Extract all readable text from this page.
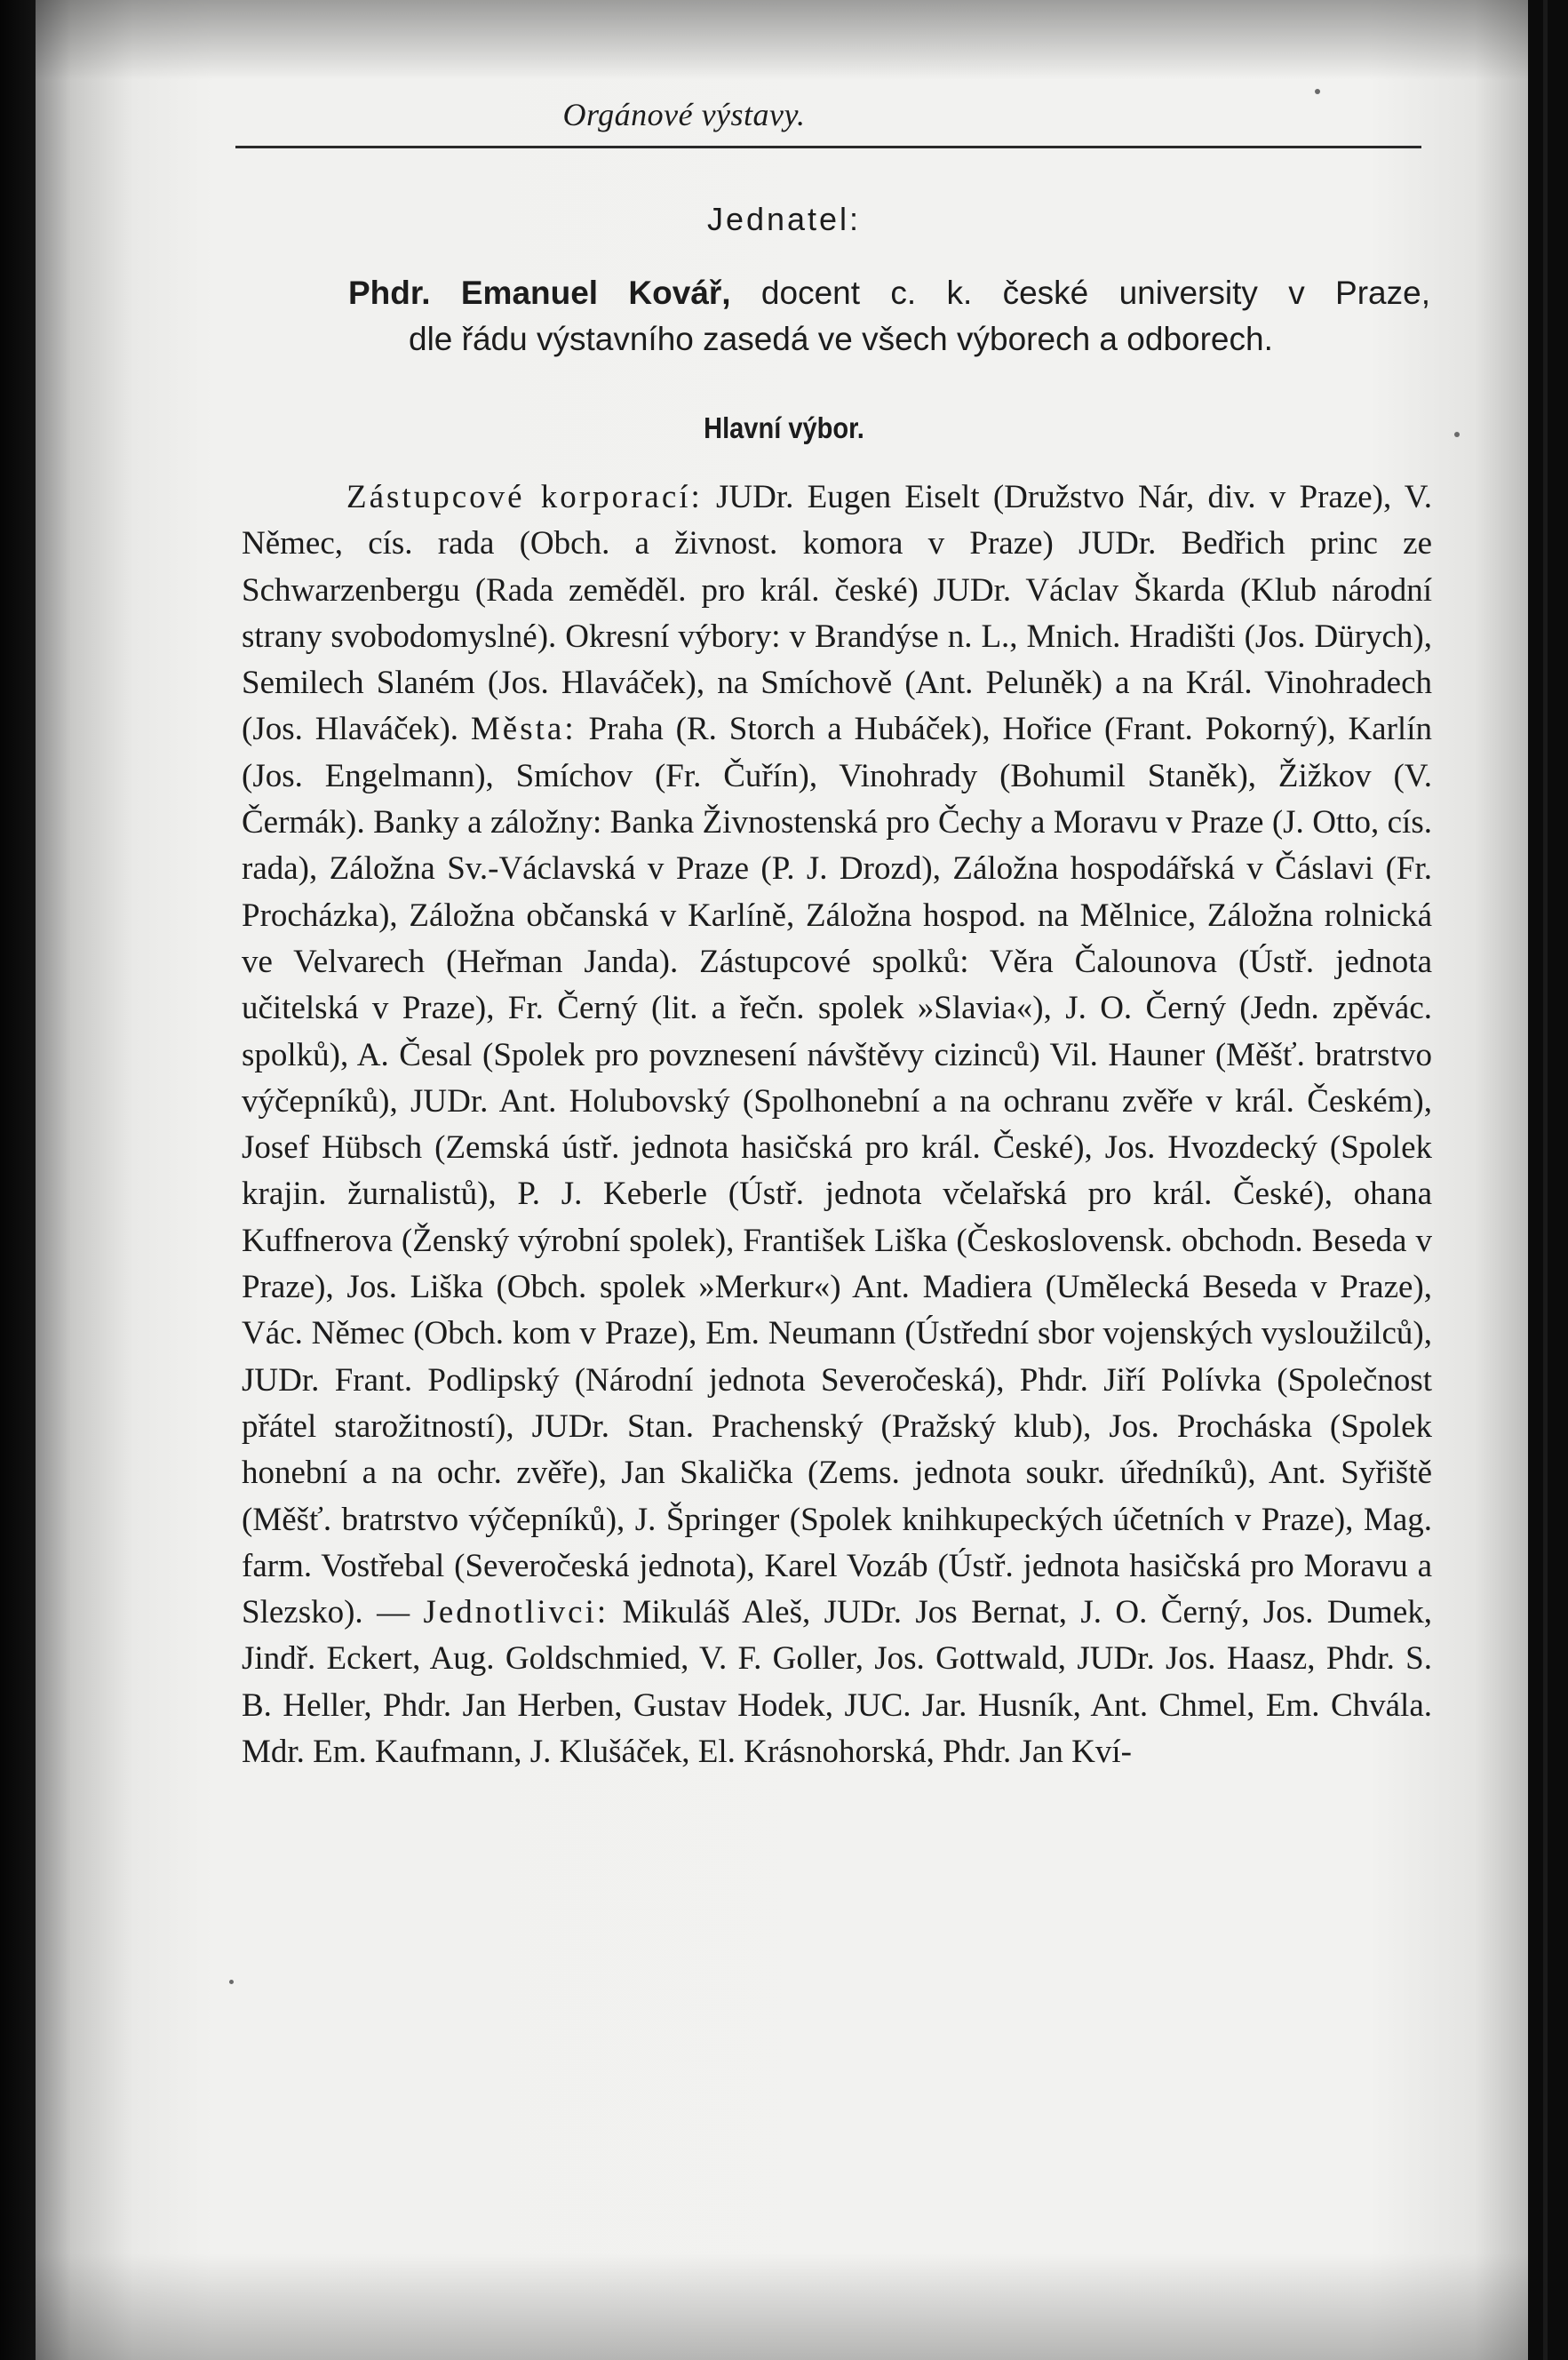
Orgánové výstavy.
Jednatel:
Phdr. Emanuel Kovář, docent c. k. české university v Praze,
dle řádu výstavního zasedá ve všech výborech a odborech.
Hlavní výbor.
Zástupcové korporací: JUDr. Eugen Eiselt (Družstvo Nár, div. v Praze), V. Němec, cís. rada (Obch. a živnost. komora v Praze) JUDr. Bedřich princ ze Schwarzenbergu (Rada zeměděl. pro král. české) JUDr. Václav Škarda (Klub národní strany svobodomyslné). Okresní výbory: v Brandýse n. L., Mnich. Hradišti (Jos. Dürych), Semilech Slaném (Jos. Hlaváček), na Smíchově (Ant. Peluněk) a na Král. Vinohradech (Jos. Hlaváček). Města: Praha (R. Storch a Hubáček), Hořice (Frant. Pokorný), Karlín (Jos. Engelmann), Smíchov (Fr. Čuřín), Vinohrady (Bohumil Staněk), Žižkov (V. Čermák). Banky a záložny: Banka Živnostenská pro Čechy a Moravu v Praze (J. Otto, cís. rada), Záložna Sv.-Václavská v Praze (P. J. Drozd), Záložna hospodářská v Čáslavi (Fr. Procházka), Záložna občanská v Karlíně, Záložna hospod. na Mělnice, Záložna rolnická ve Velvarech (Heřman Janda). Zástupcové spolků: Věra Čalounova (Ústř. jednota učitelská v Praze), Fr. Černý (lit. a řečn. spolek »Slavia«), J. O. Černý (Jedn. zpěvác. spolků), A. Česal (Spolek pro povznesení návštěvy cizinců) Vil. Hauner (Měšť. bratrstvo výčepníků), JUDr. Ant. Holubovský (Spolhonební a na ochranu zvěře v král. Českém), Josef Hübsch (Zemská ústř. jednota hasičská pro král. České), Jos. Hvozdecký (Spolek krajin. žurnalistů), P. J. Keberle (Ústř. jednota včelařská pro král. České), ohana Kuffnerova (Ženský výrobní spolek), František Liška (Československ. obchodn. Beseda v Praze), Jos. Liška (Obch. spolek »Merkur«) Ant. Madiera (Umělecká Beseda v Praze), Vác. Němec (Obch. kom v Praze), Em. Neumann (Ústřední sbor vojenských vysloužilců), JUDr. Frant. Podlipský (Národní jednota Severočeská), Phdr. Jiří Polívka (Společnost přátel starožitností), JUDr. Stan. Prachenský (Pražský klub), Jos. Procháska (Spolek honební a na ochr. zvěře), Jan Skalička (Zems. jednota soukr. úředníků), Ant. Syřiště (Měšť. bratrstvo výčepníků), J. Špringer (Spolek knihkupeckých účetních v Praze), Mag. farm. Vostřebal (Severočeská jednota), Karel Vozáb (Ústř. jednota hasičská pro Moravu a Slezsko). — Jednotlivci: Mikuláš Aleš, JUDr. Jos Bernat, J. O. Černý, Jos. Dumek, Jindř. Eckert, Aug. Goldschmied, V. F. Goller, Jos. Gottwald, JUDr. Jos. Haasz, Phdr. S. B. Heller, Phdr. Jan Herben, Gustav Hodek, JUC. Jar. Husník, Ant. Chmel, Em. Chvála. Mdr. Em. Kaufmann, J. Klušáček, El. Krásnohorská, Phdr. Jan Kví-
